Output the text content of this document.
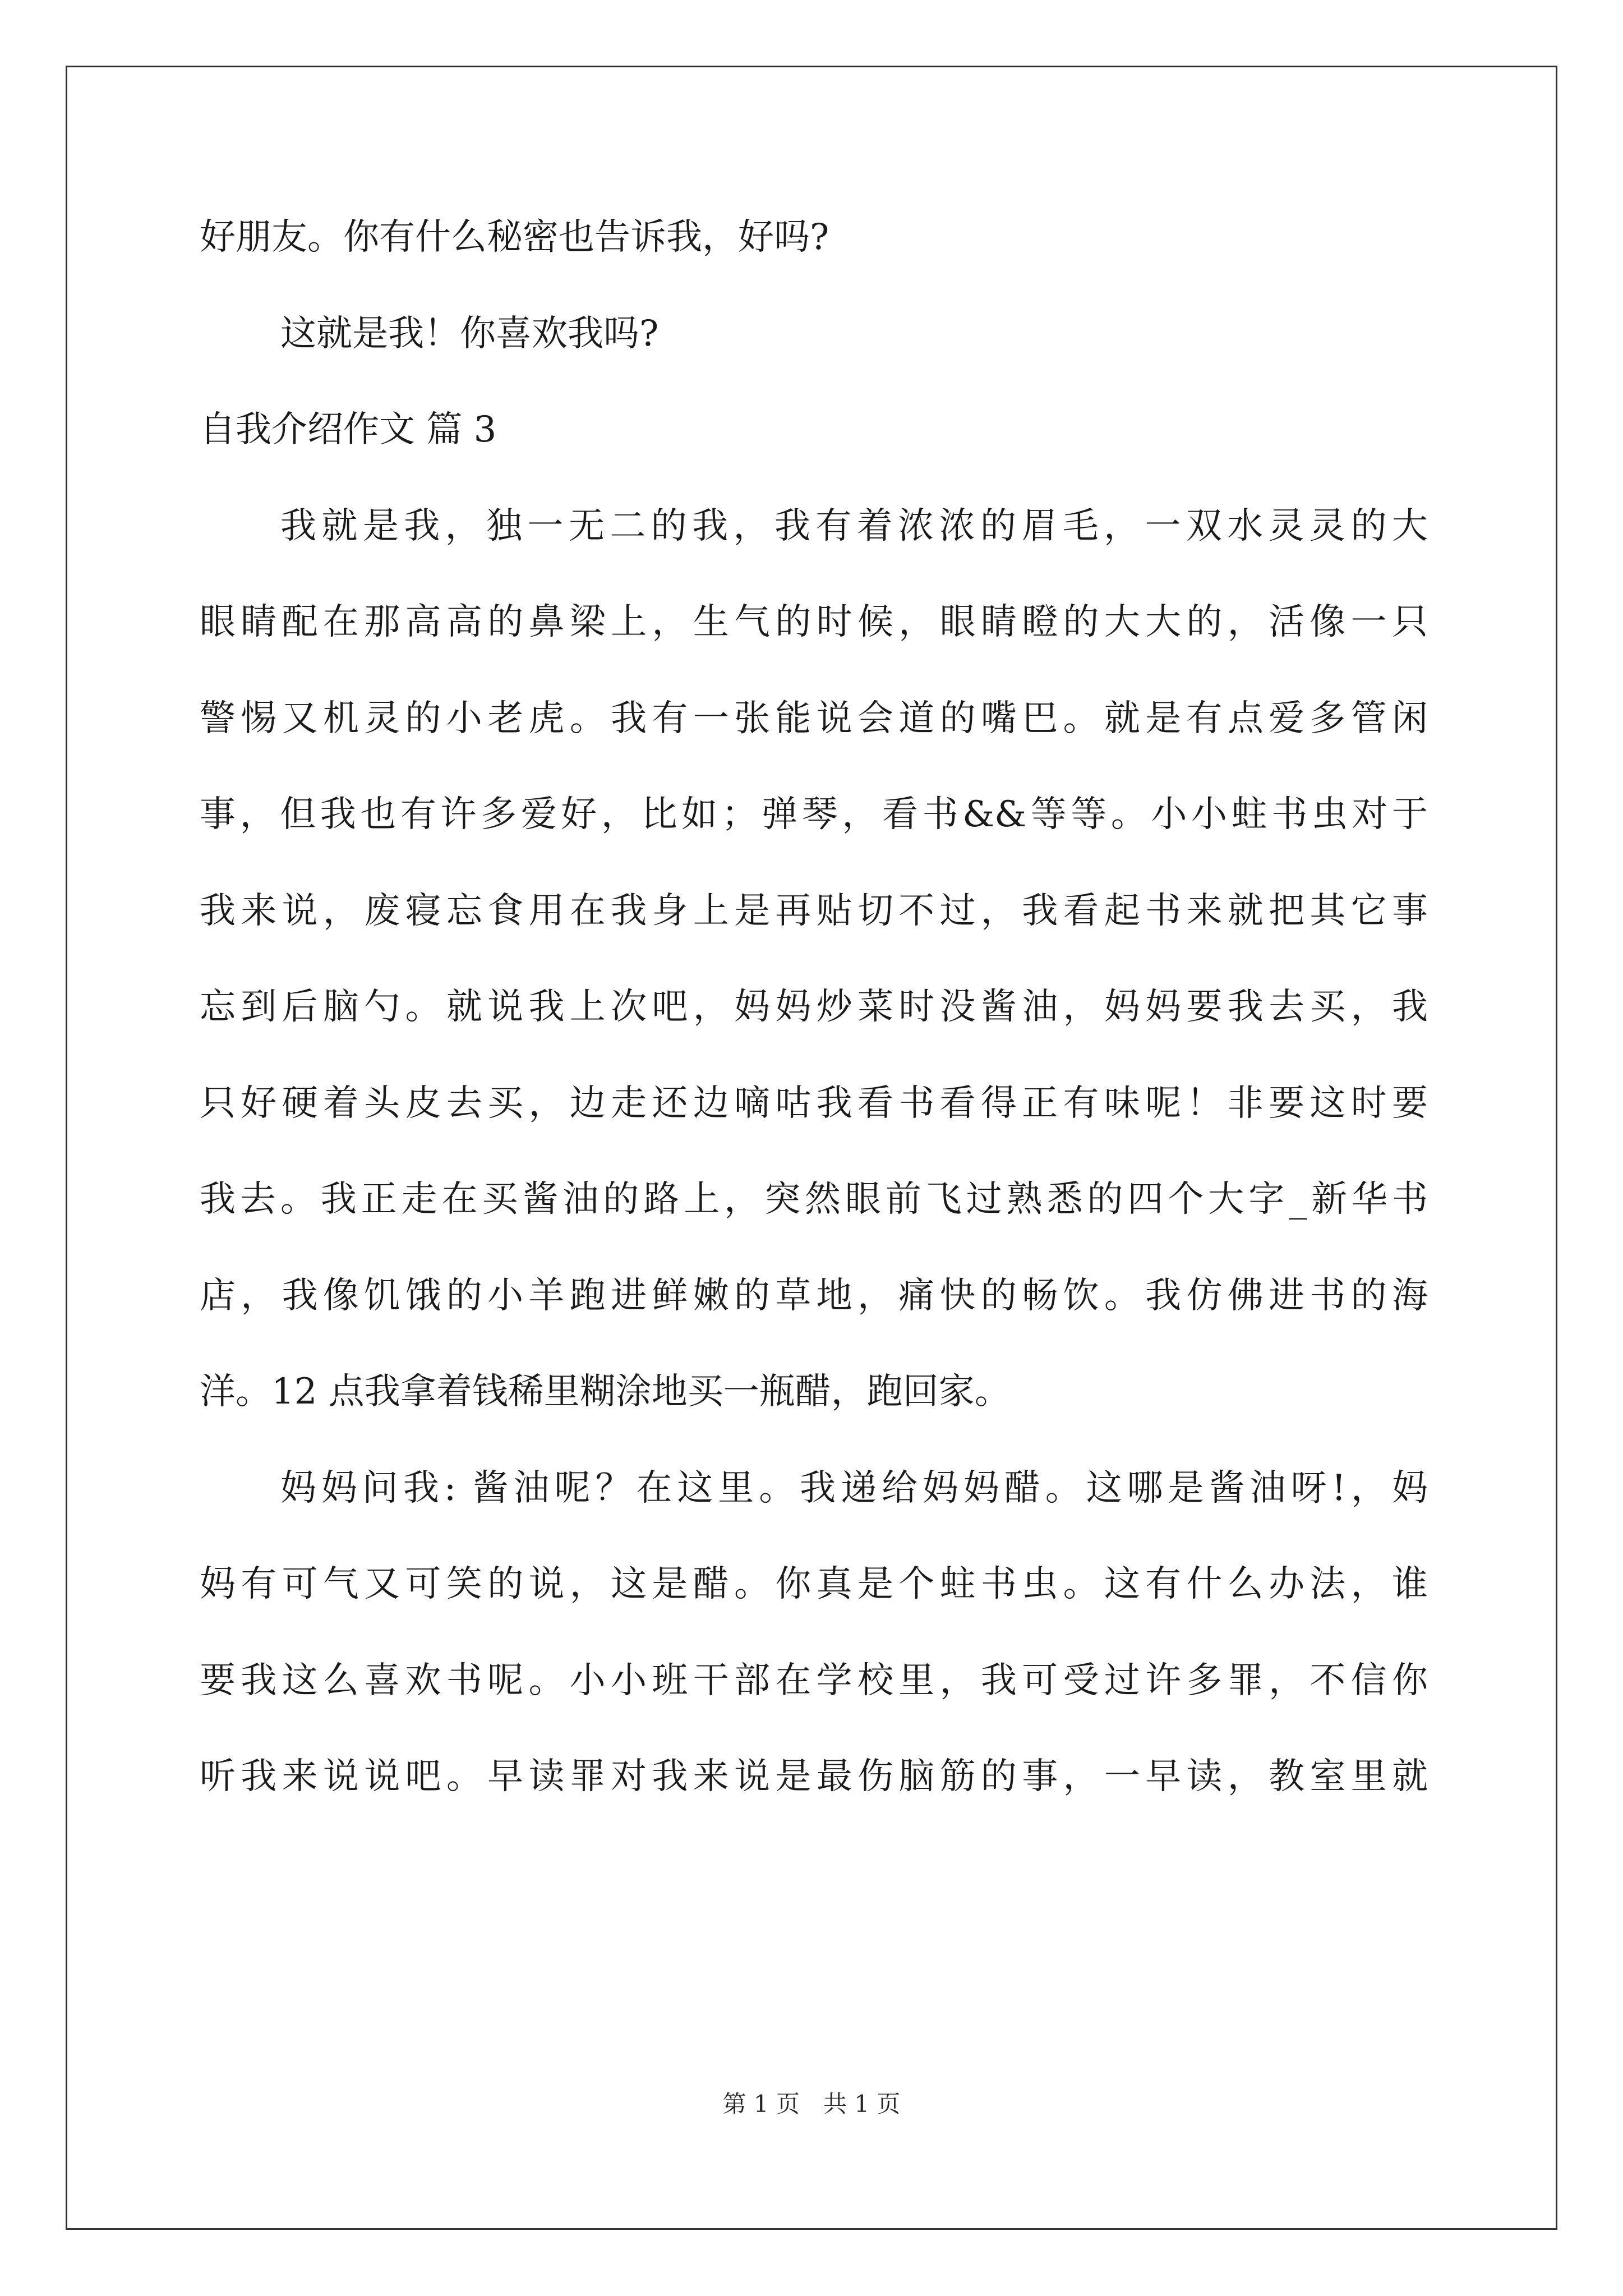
好朋友。你有什么秘密也告诉我，好吗?
这就是我！你喜欢我吗?
自我介绍作文 篇 3
我就是我，独一无二的我，我有着浓浓的眉毛，一双水灵灵的大
眼睛配在那高高的鼻梁上，生气的时候，眼睛瞪的大大的，活像一只
警惕又机灵的小老虎。我有一张能说会道的嘴巴。就是有点爱多管闲
事，但我也有许多爱好，比如；弹琴，看书&&等等。小小蛀书虫对于
我来说，废寝忘食用在我身上是再贴切不过，我看起书来就把其它事
忘到后脑勺。就说我上次吧，妈妈炒菜时没酱油，妈妈要我去买，我
只好硬着头皮去买，边走还边嘀咕我看书看得正有味呢！非要这时要
我去。我正走在买酱油的路上，突然眼前飞过熟悉的四个大字_新华书
店，我像饥饿的小羊跑进鲜嫩的草地，痛快的畅饮。我仿佛进书的海
洋。12 点我拿着钱稀里糊涂地买一瓶醋，跑回家。
妈妈问我: 酱油呢？在这里。我递给妈妈醋。这哪是酱油呀!，妈
妈有可气又可笑的说，这是醋。你真是个蛀书虫。这有什么办法，谁
要我这么喜欢书呢。小小班干部在学校里，我可受过许多罪，不信你
听我来说说吧。早读罪对我来说是最伤脑筋的事，一早读，教室里就
第 1 页　共 1 页
